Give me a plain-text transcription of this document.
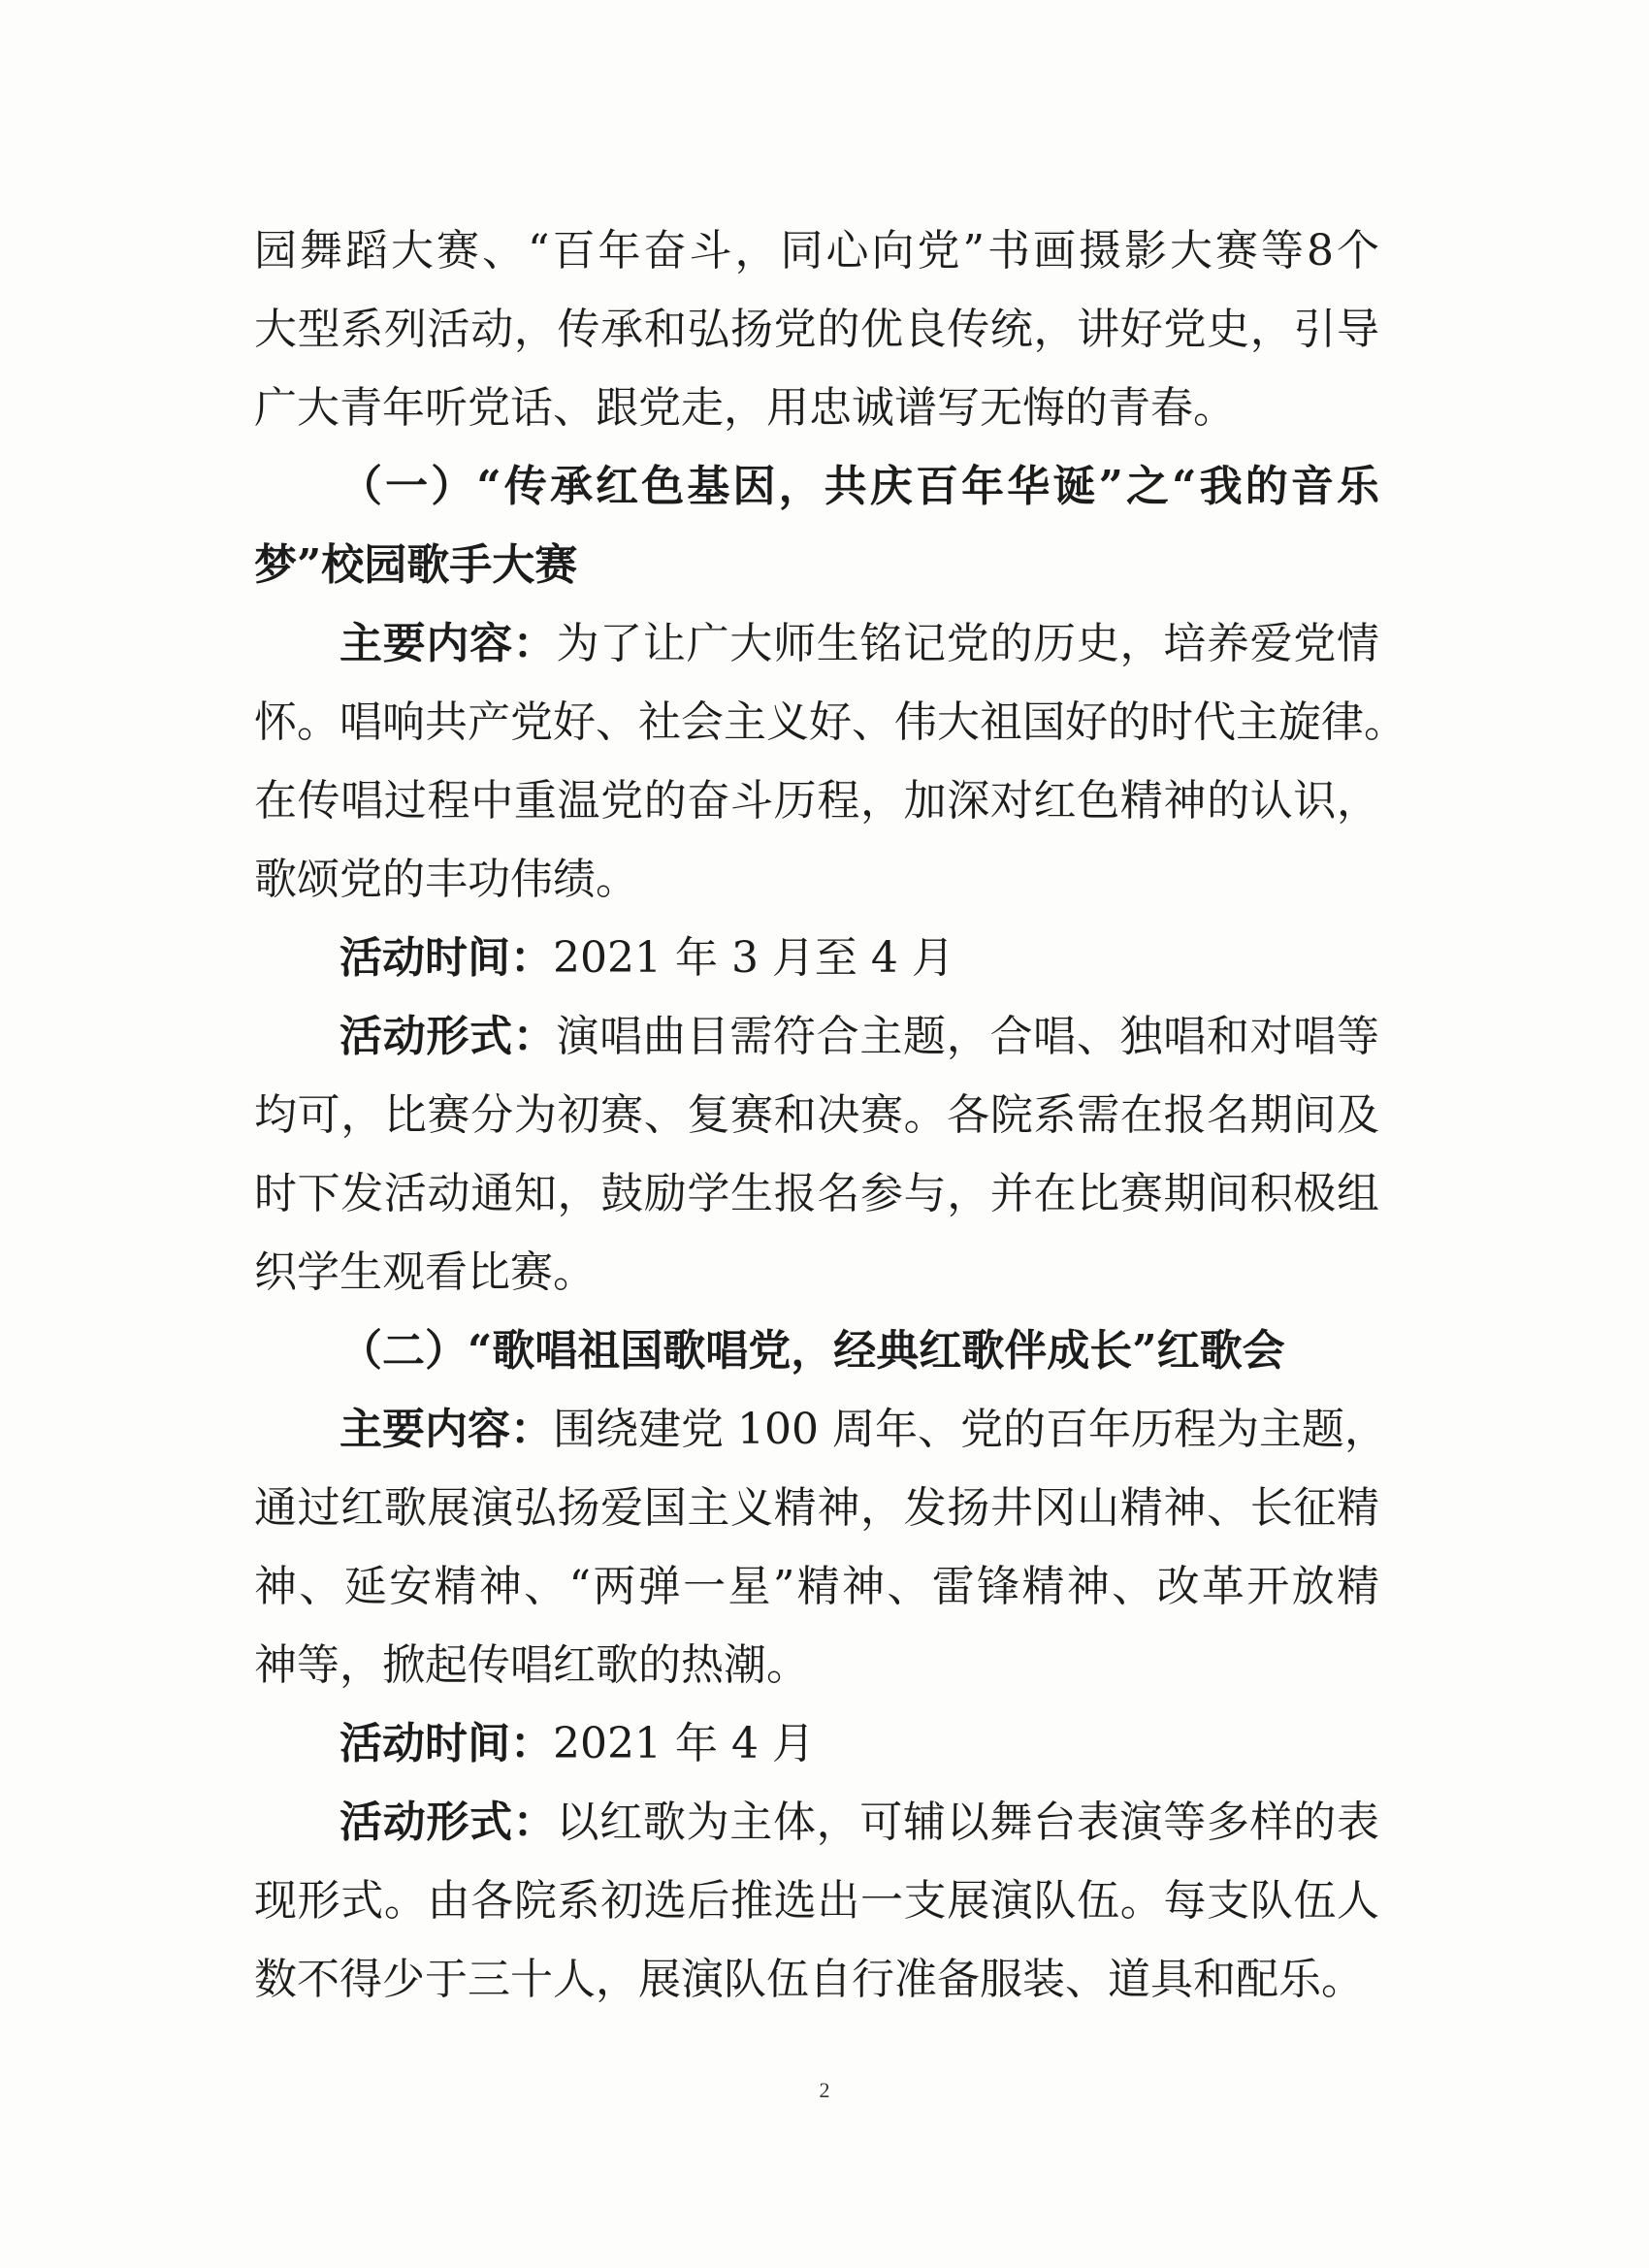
园舞蹈大赛、“百年奋斗，同心向党”书画摄影大赛等8个
大型系列活动，传承和弘扬党的优良传统，讲好党史，引导
广大青年听党话、跟党走，用忠诚谱写无悔的青春。
（一）“传承红色基因，共庆百年华诞”之“我的音乐
梦”校园歌手大赛
主要内容：为了让广大师生铭记党的历史，培养爱党情
怀。唱响共产党好、社会主义好、伟大祖国好的时代主旋律。
在传唱过程中重温党的奋斗历程，加深对红色精神的认识，
歌颂党的丰功伟绩。
活动时间：2021 年 3 月至 4 月
活动形式：演唱曲目需符合主题，合唱、独唱和对唱等
均可，比赛分为初赛、复赛和决赛。各院系需在报名期间及
时下发活动通知，鼓励学生报名参与，并在比赛期间积极组
织学生观看比赛。
（二）“歌唱祖国歌唱党，经典红歌伴成长”红歌会
主要内容：围绕建党 100 周年、党的百年历程为主题，
通过红歌展演弘扬爱国主义精神，发扬井冈山精神、长征精
神、延安精神、“两弹一星”精神、雷锋精神、改革开放精
神等，掀起传唱红歌的热潮。
活动时间：2021 年 4 月
活动形式：以红歌为主体，可辅以舞台表演等多样的表
现形式。由各院系初选后推选出一支展演队伍。每支队伍人
数不得少于三十人，展演队伍自行准备服装、道具和配乐。
2
